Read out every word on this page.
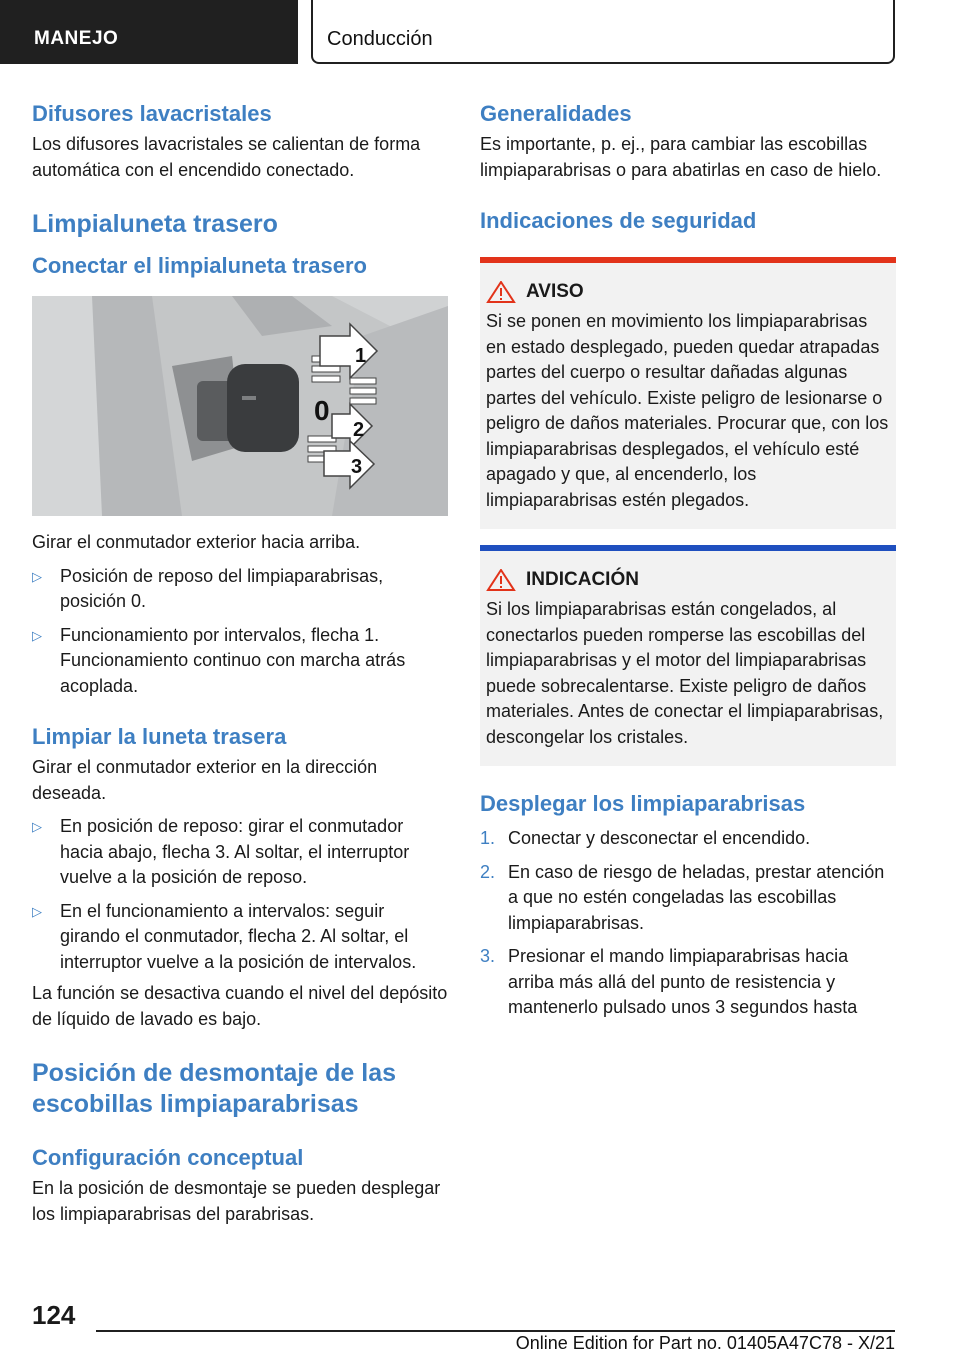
MANEJO	Conducción
Difusores lavacristales

Los difusores lavacristales se calientan de forma automática con el encendido conectado.

Limpialuneta trasero
Conectar el limpialuneta trasero
1
0
2
3

Girar el conmutador exterior hacia arriba.

▷ Posición de reposo del limpiaparabrisas, posición 0.
▷ Funcionamiento por intervalos, flecha 1. Funcionamiento continuo con marcha atrás acoplada.
Limpiar la luneta trasera

Girar el conmutador exterior en la dirección deseada.

▷ En posición de reposo: girar el conmutador hacia abajo, flecha 3. Al soltar, el interruptor vuelve a la posición de reposo.
▷ En el funcionamiento a intervalos: seguir girando el conmutador, flecha 2. Al soltar, el interruptor vuelve a la posición de intervalos.

La función se desactiva cuando el nivel del depósito de líquido de lavado es bajo.

Posición de desmontaje de las escobillas limpiaparabrisas
Configuración conceptual

En la posición de desmontaje se pueden desplegar los limpiaparabrisas del parabrisas.

Generalidades

Es importante, p. ej., para cambiar las escobillas limpiaparabrisas o para abatirlas en caso de hielo.

Indicaciones de seguridad
AVISO

Si se ponen en movimiento los limpiaparabrisas en estado desplegado, pueden quedar atrapadas partes del cuerpo o resultar dañadas algunas partes del vehículo. Existe peligro de lesionarse o peligro de daños materiales. Procurar que, con los limpiaparabrisas desplegados, el vehículo esté apagado y que, al encenderlo, los limpiaparabrisas estén plegados.

INDICACIÓN

Si los limpiaparabrisas están congelados, al conectarlos pueden romperse las escobillas del limpiaparabrisas y el motor del limpiaparabrisas puede sobrecalentarse. Existe peligro de daños materiales. Antes de conectar el limpiaparabrisas, descongelar los cristales.

Desplegar los limpiaparabrisas
1. Conectar y desconectar el encendido.
2. En caso de riesgo de heladas, prestar atención a que no estén congeladas las escobillas limpiaparabrisas.
3. Presionar el mando limpiaparabrisas hacia arriba más allá del punto de resistencia y mantenerlo pulsado unos 3 segundos hasta
124
Online Edition for Part no. 01405A47C78 - X/21
